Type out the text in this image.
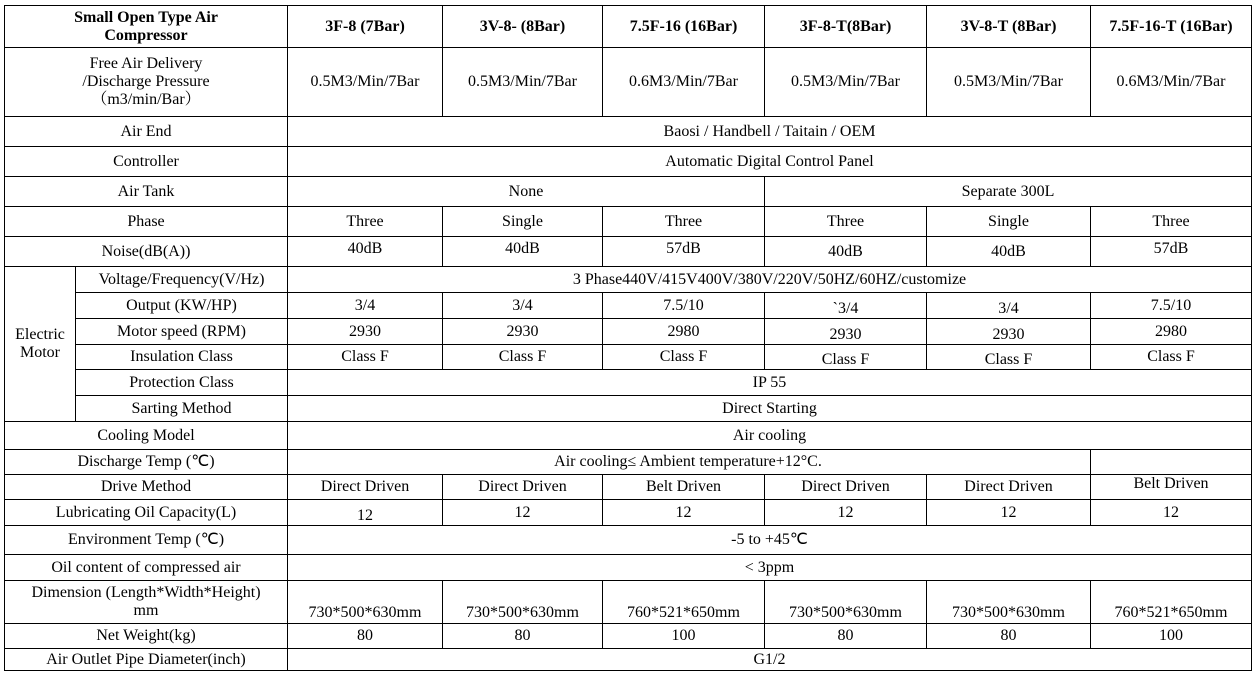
Small Open Type Air
Compressor		3F-8 (7Bar)	3V-8- (8Bar)	7.5F-16 (16Bar)	3F-8-T(8Bar)	3V-8-T (8Bar)	7.5F-16-T (16Bar)
Free Air Delivery
/Discharge Pressure
（m3/min/Bar）		0.5M3/Min/7Bar	0.5M3/Min/7Bar	0.6M3/Min/7Bar	0.5M3/Min/7Bar	0.5M3/Min/7Bar	0.6M3/Min/7Bar
Air End		Baosi / Handbell / Taitain / OEM					
Controller		Automatic Digital Control Panel					
Air Tank		None			Separate 300L		
Phase		Three	Single	Three	Three	Single	Three
Noise(dB(A))		40dB	40dB	57dB	40dB	40dB	57dB
Electric
Motor	Voltage/Frequency(V/Hz)	3 Phase440V/415V400V/380V/220V/50HZ/60HZ/customize					
	Output (KW/HP)	3/4	3/4	7.5/10	`3/4	3/4	7.5/10
	Motor speed (RPM)	2930	2930	2980	2930	2930	2980
	Insulation Class	Class F	Class F	Class F	Class F	Class F	Class F
	Protection Class	IP 55					
	Sarting Method	Direct Starting					
Cooling Model		Air cooling					
Discharge Temp (℃)		Air cooling≤ Ambient temperature+12°C.					
Drive Method		Direct Driven	Direct Driven	Belt Driven	Direct Driven	Direct Driven	Belt Driven
Lubricating Oil Capacity(L)		12	12	12	12	12	12
Environment Temp (℃)		-5 to +45℃					
Oil content of compressed air		< 3ppm					
Dimension (Length*Width*Height)
mm		730*500*630mm	730*500*630mm	760*521*650mm	730*500*630mm	730*500*630mm	760*521*650mm
Net Weight(kg)		80	80	100	80	80	100
Air Outlet Pipe Diameter(inch)		G1/2					
